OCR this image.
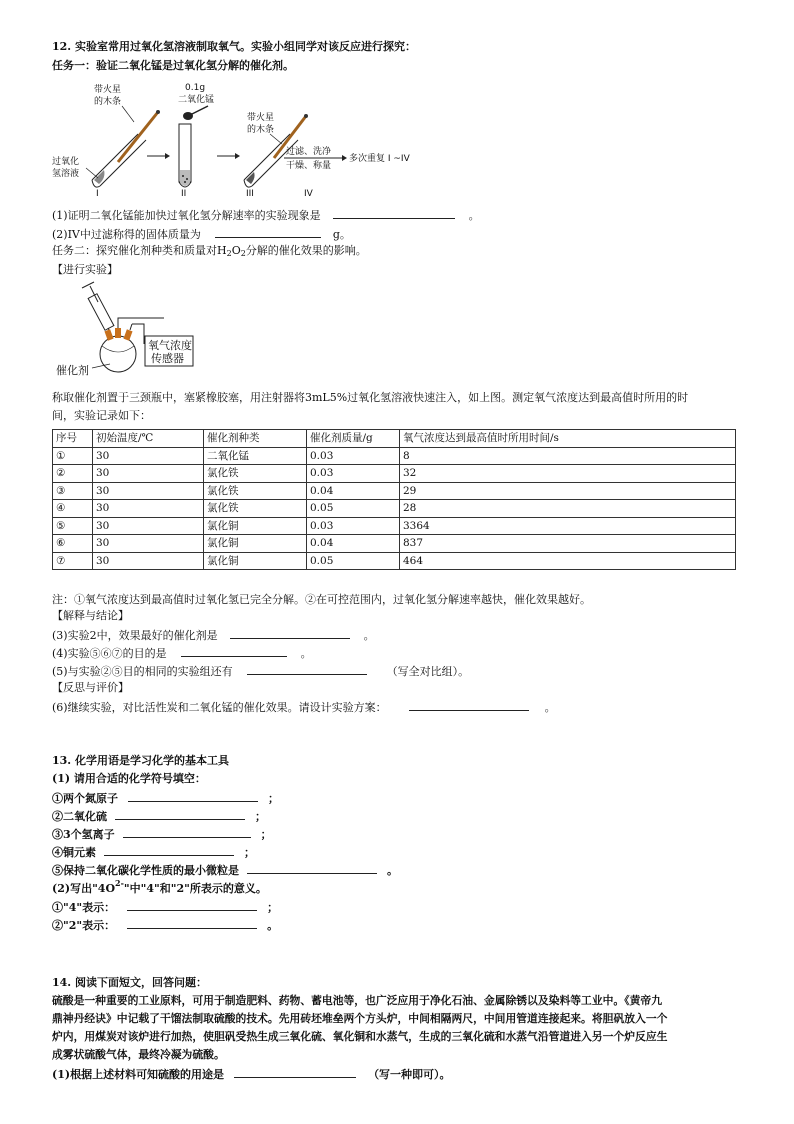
12. 实验室常用过氧化氢溶液制取氧气。实验小组同学对该反应进行探究：
任务一：验证二氧化锰是过氧化氢分解的催化剂。
带火星
的木条
过氧化
氢溶液
I
0.1g
二氧化锰
II
带火星
的木条
III
过滤、洗净
干燥、称量
多次重复 I ~IV
IV
(1)证明二氧化锰能加快过氧化氢分解速率的实验现象是	。
(2)IV中过滤称得的固体质量为	g。
任务二：探究催化剂种类和质量对H2O2分解的催化效果的影响。
【进行实验】
氧气浓度
传感器
催化剂
称取催化剂置于三颈瓶中，塞紧橡胶塞，用注射器将3mL5%过氧化氢溶液快速注入，如上图。测定氧气浓度达到最高值时所用的时
间，实验记录如下：
序号	初始温度/℃	催化剂种类	催化剂质量/g	氧气浓度达到最高值时所用时间/s
①	30	二氧化锰	0.03	8
②	30	氯化铁	0.03	32
③	30	氯化铁	0.04	29
④	30	氯化铁	0.05	28
⑤	30	氯化铜	0.03	3364
⑥	30	氯化铜	0.04	837
⑦	30	氯化铜	0.05	464
注：①氧气浓度达到最高值时过氧化氢已完全分解。②在可控范围内，过氧化氢分解速率越快，催化效果越好。
【解释与结论】
(3)实验2中，效果最好的催化剂是	。
(4)实验⑤⑥⑦的目的是	。
(5)与实验②⑤目的相同的实验组还有	（写全对比组）。
【反思与评价】
(6)继续实验，对比活性炭和二氧化锰的催化效果。请设计实验方案：	。
13. 化学用语是学习化学的基本工具
(1) 请用合适的化学符号填空：
①两个氮原子	；
②二氧化硫	；
③3个氢离子	；
④铜元素	；
⑤保持二氧化碳化学性质的最小微粒是	。
(2)写出"$4O^{2-}$"中"4"和"2"所表示的意义。
①"4"表示：	；
②"2"表示：	。
14. 阅读下面短文，回答问题：
硫酸是一种重要的工业原料，可用于制造肥料、药物、蓄电池等，也广泛应用于净化石油、金属除锈以及染料等工业中。《黄帝九
鼎神丹经诀》中记载了干馏法制取硫酸的技术。先用砖坯堆垒两个方头炉，中间相隔两尺，中间用管道连接起来。将胆矾放入一个
炉内，用煤炭对该炉进行加热，使胆矾受热生成三氧化硫、氧化铜和水蒸气，生成的三氧化硫和水蒸气沿管道进入另一个炉反应生
成雾状硫酸气体，最终冷凝为硫酸。
(1)根据上述材料可知硫酸的用途是	（写一种即可）。
